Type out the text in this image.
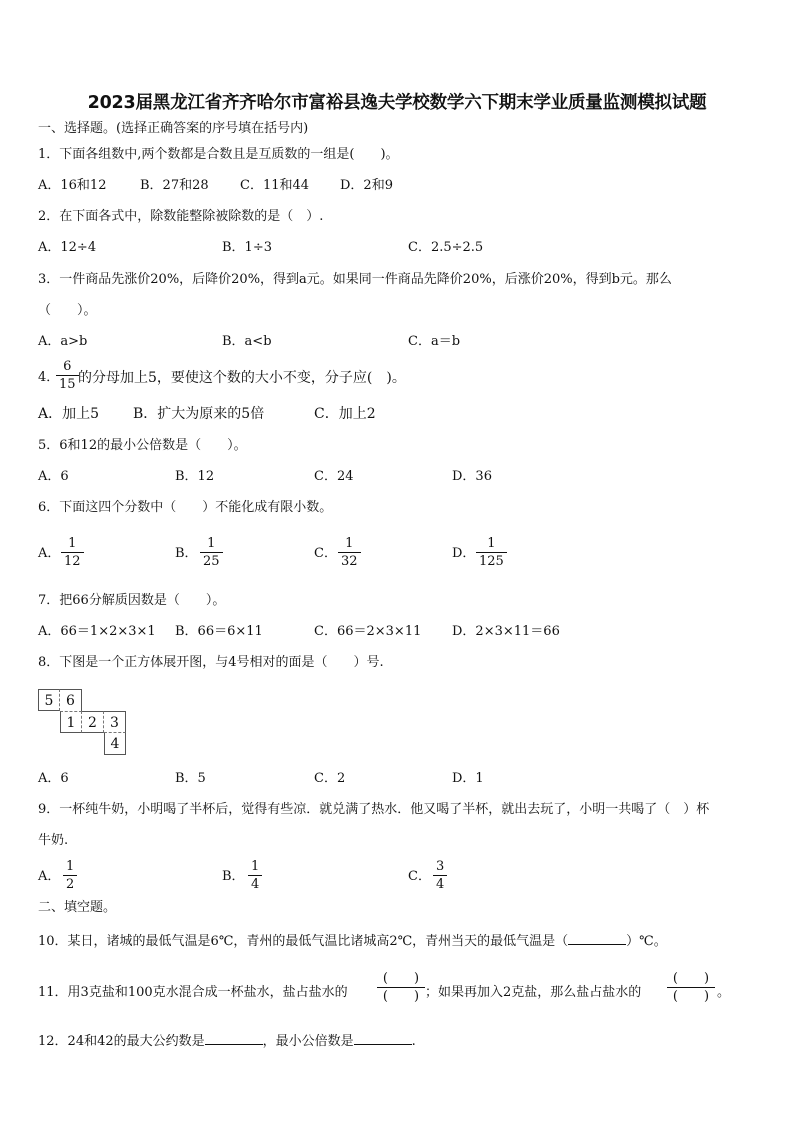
2023届黑龙江省齐齐哈尔市富裕县逸夫学校数学六下期末学业质量监测模拟试题
一、选择题。(选择正确答案的序号填在括号内)
1．下面各组数中,两个数都是合数且是互质数的一组是(　　)。
A．16和12	B．27和28 C．11和44 D．2和9
2．在下面各式中，除数能整除被除数的是（　）.
A．12÷4	B．1÷3	C．2.5÷2.5
3．一件商品先涨价20%，后降价20%，得到a元。如果同一件商品先降价20%，后涨价20%，得到b元。那么
（　　）。
A．a>b	B．a<b	C．a＝b
4．
6
15 的分母加上5，要使这个数的大小不变，分子应(　)。
A．加上5 B．扩大为原来的5倍	C．加上2
5．6和12的最小公倍数是（　　）。
A．6	B．12	C．24	D．36
6．下面这四个分数中（　　）不能化成有限小数。
A．
1
12
B．
1
25
C．
1
32
D．
1
125
7．把66分解质因数是（　　）。
A．66＝1×2×3×1 B．66＝6×11	C．66＝2×3×11 D．2×3×11＝66
8．下图是一个正方体展开图，与4号相对的面是（　　）号.
5 6
1 2 3
4
A．6	B．5	C．2	D．1
9．一杯纯牛奶，小明喝了半杯后，觉得有些凉．就兑满了热水．他又喝了半杯，就出去玩了，小明一共喝了（　）杯
牛奶.
A．
1
2
B．
1
4
C．
3
4
二、填空题。
10．某日，诸城的最低气温是6℃，青州的最低气温比诸城高2℃，青州当天的最低气温是（	）℃。
11．用3克盐和100克水混合成一杯盐水，盐占盐水的
(　　)
(　　) ；如果再加入2克盐，那么盐占盐水的
(　　)
(　　) 。
12．24和42的最大公约数是	，最小公倍数是	.
